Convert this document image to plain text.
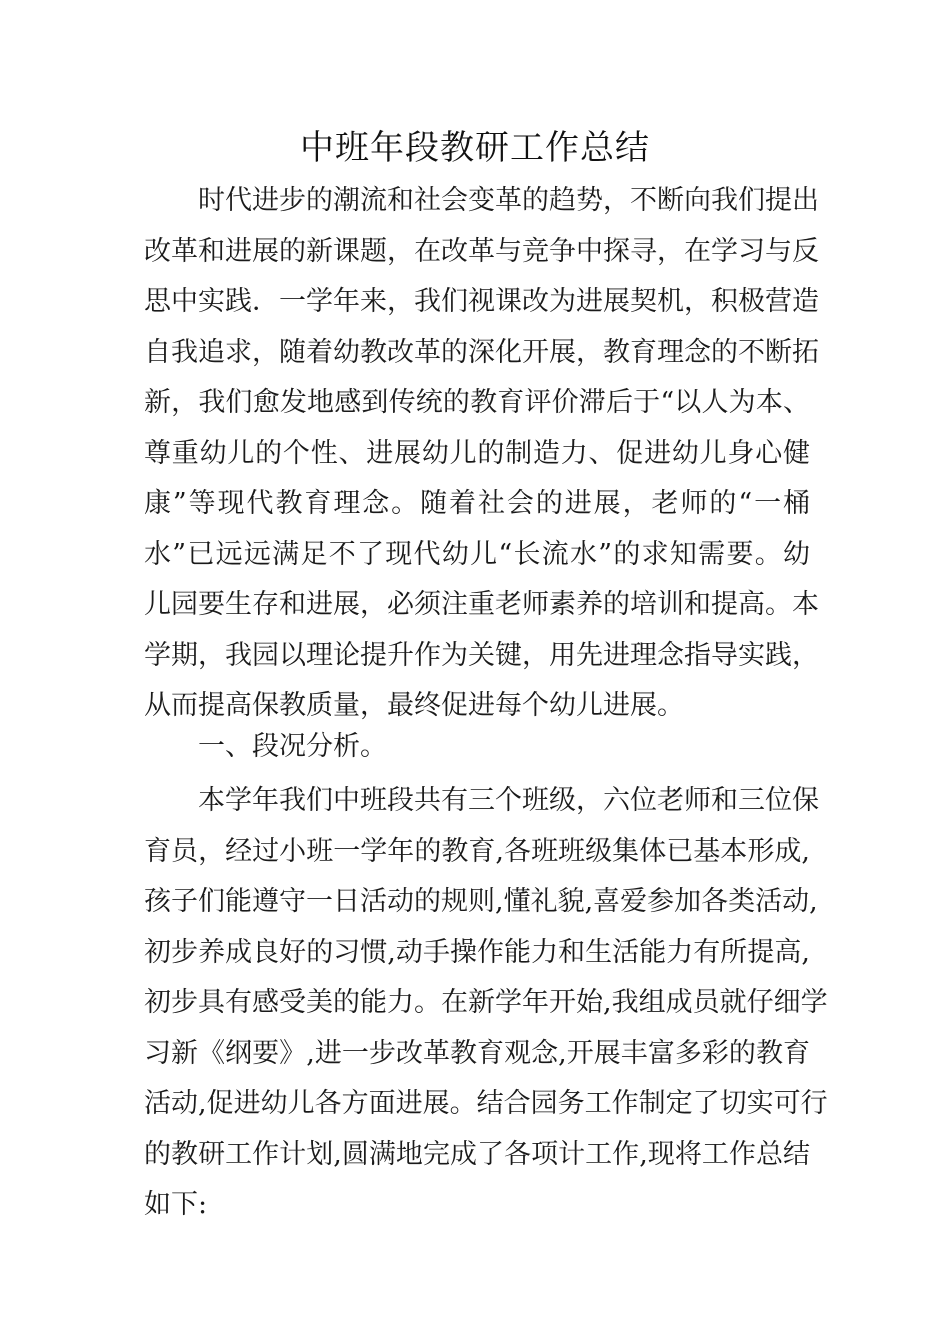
中班年段教研工作总结
时代进步的潮流和社会变革的趋势，不断向我们提出
改革和进展的新课题，在改革与竞争中探寻，在学习与反
思中实践．一学年来，我们视课改为进展契机，积极营造
自我追求，随着幼教改革的深化开展，教育理念的不断拓
新，我们愈发地感到传统的教育评价滞后于“以人为本、
尊重幼儿的个性、进展幼儿的制造力、促进幼儿身心健
康”等现代教育理念。随着社会的进展，老师的“一桶
水”已远远满足不了现代幼儿“长流水”的求知需要。幼
儿园要生存和进展，必须注重老师素养的培训和提高。本
学期，我园以理论提升作为关键，用先进理念指导实践，
从而提高保教质量，最终促进每个幼儿进展。
一、段况分析。
本学年我们中班段共有三个班级，六位老师和三位保
育员，经过小班一学年的教育,各班班级集体已基本形成,
孩子们能遵守一日活动的规则,懂礼貌,喜爱参加各类活动,
初步养成良好的习惯,动手操作能力和生活能力有所提高,
初步具有感受美的能力。在新学年开始,我组成员就仔细学
习新《纲要》,进一步改革教育观念,开展丰富多彩的教育
活动,促进幼儿各方面进展。结合园务工作制定了切实可行
的教研工作计划,圆满地完成了各项计工作,现将工作总结
如下:
